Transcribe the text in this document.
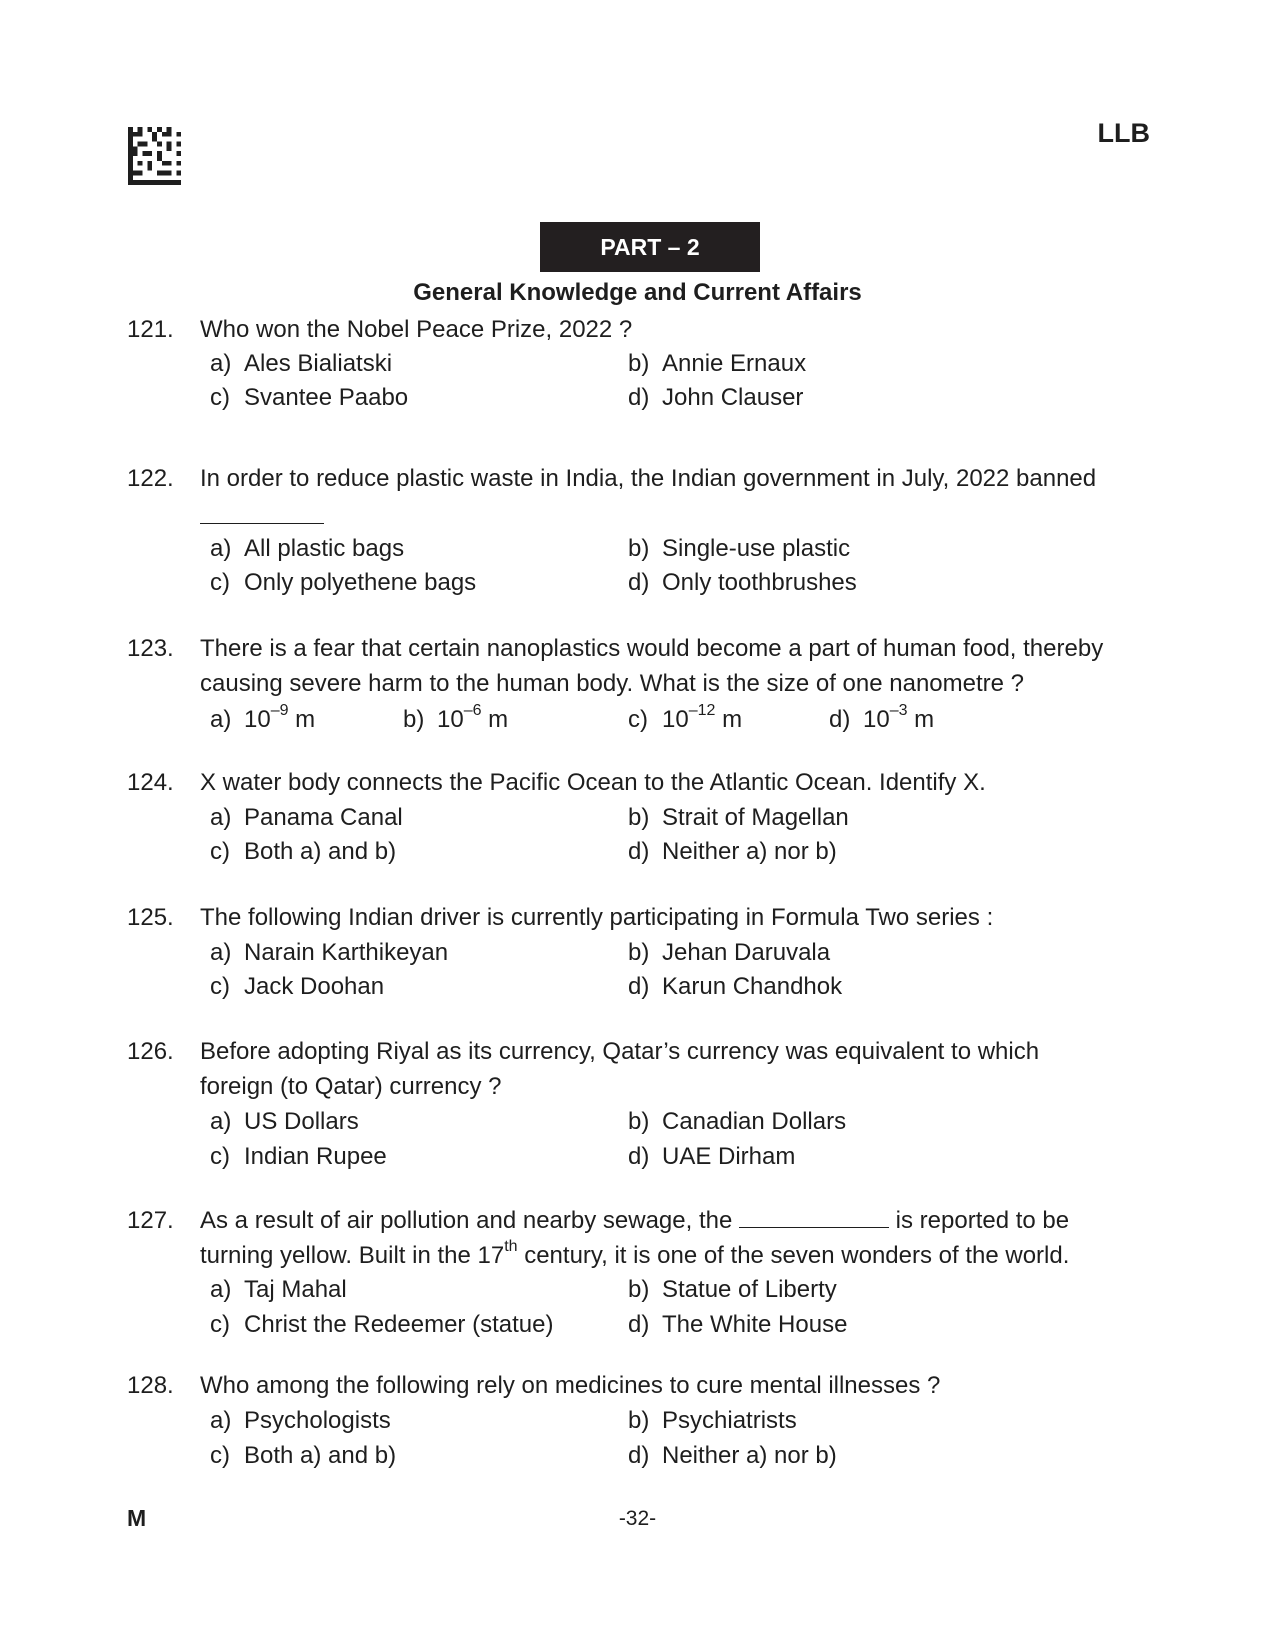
LLB
PART – 2
General Knowledge and Current Affairs
121. Who won the Nobel Peace Prize, 2022 ?
a) Ales Bialiatski	b) Annie Ernaux
c) Svantee Paabo	d) John Clauser
122. In order to reduce plastic waste in India, the Indian government in July, 2022 banned
a) All plastic bags	b) Single-use plastic
c) Only polyethene bags	d) Only toothbrushes
123. There is a fear that certain nanoplastics would become a part of human food, thereby
causing severe harm to the human body. What is the size of one nanometre ?
a) $10^{-9}$ m	b) $10^{-6}$ m	c) $10^{-12}$ m	d) $10^{-3}$ m
124. X water body connects the Pacific Ocean to the Atlantic Ocean. Identify X.
a) Panama Canal	b) Strait of Magellan
c) Both a) and b)	d) Neither a) nor b)
125. The following Indian driver is currently participating in Formula Two series :
a) Narain Karthikeyan	b) Jehan Daruvala
c) Jack Doohan	d) Karun Chandhok
126. Before adopting Riyal as its currency, Qatar’s currency was equivalent to which
foreign (to Qatar) currency ?
a) US Dollars	b) Canadian Dollars
c) Indian Rupee	d) UAE Dirham
127. As a result of air pollution and nearby sewage, the	is reported to be
turning yellow. Built in the 17th century, it is one of the seven wonders of the world.
a) Taj Mahal	b) Statue of Liberty
c) Christ the Redeemer (statue)	d) The White House
128. Who among the following rely on medicines to cure mental illnesses ?
a) Psychologists	b) Psychiatrists
c) Both a) and b)	d) Neither a) nor b)
M	-32-
